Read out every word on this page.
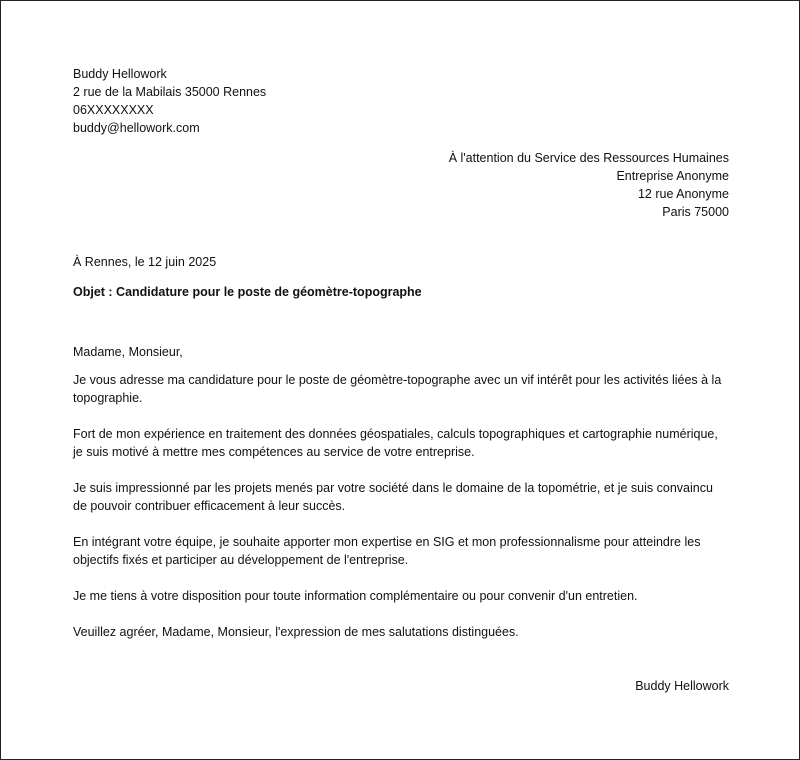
Buddy Hellowork

2 rue de la Mabilais 35000 Rennes

06XXXXXXXX

buddy@hellowork.com

À l'attention du Service des Ressources Humaines

Entreprise Anonyme

12 rue Anonyme

Paris 75000

À Rennes, le 12 juin 2025
Objet : Candidature pour le poste de géomètre-topographe
Madame, Monsieur,

Je vous adresse ma candidature pour le poste de géomètre-topographe avec un vif intérêt pour les activités liées à la topographie.

Fort de mon expérience en traitement des données géospatiales, calculs topographiques et cartographie numérique, je suis motivé à mettre mes compétences au service de votre entreprise.

Je suis impressionné par les projets menés par votre société dans le domaine de la topométrie, et je suis convaincu de pouvoir contribuer efficacement à leur succès.

En intégrant votre équipe, je souhaite apporter mon expertise en SIG et mon professionnalisme pour atteindre les objectifs fixés et participer au développement de l'entreprise.

Je me tiens à votre disposition pour toute information complémentaire ou pour convenir d'un entretien.

Veuillez agréer, Madame, Monsieur, l'expression de mes salutations distinguées.

Buddy Hellowork
